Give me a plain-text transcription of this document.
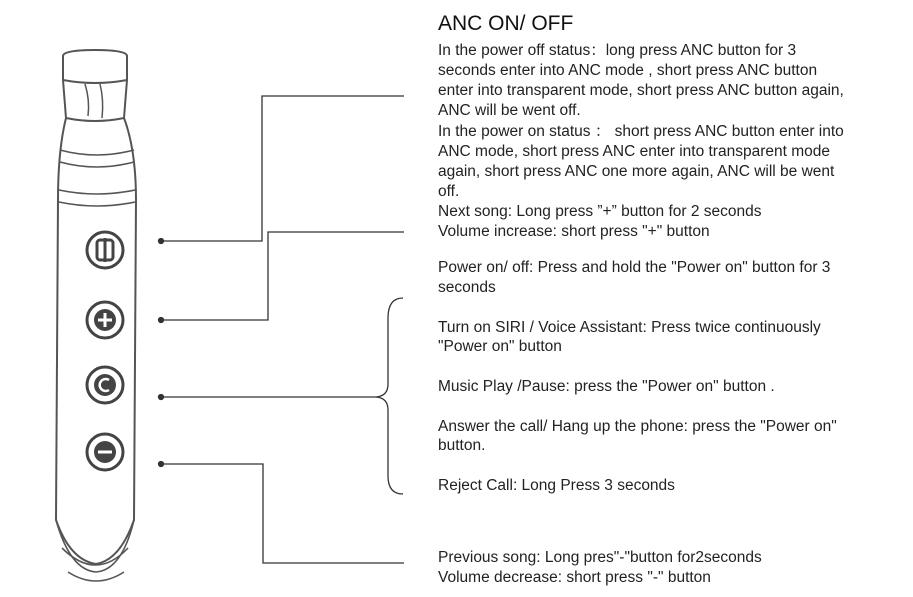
ANC ON/ OFF

In the power off status：long press ANC button for 3

seconds enter into ANC mode , short press ANC button

enter into transparent mode, short press ANC button again,

ANC will be went off.

In the power on status ： short press ANC button enter into

ANC mode, short press ANC enter into transparent mode

again, short press ANC one more again, ANC will be went

off.

Next song: Long press ”+” button for 2 seconds

Volume increase: short press "+" button

Power on/ off: Press and hold the "Power on" button for 3

seconds

Turn on SIRI / Voice Assistant: Press twice continuously

"Power on" button

Music Play /Pause: press the "Power on" button .

Answer the call/ Hang up the phone: press the "Power on"

button.

Reject Call: Long Press 3 seconds

Previous song: Long pres"-"button for2seconds

Volume decrease: short press "-" button
